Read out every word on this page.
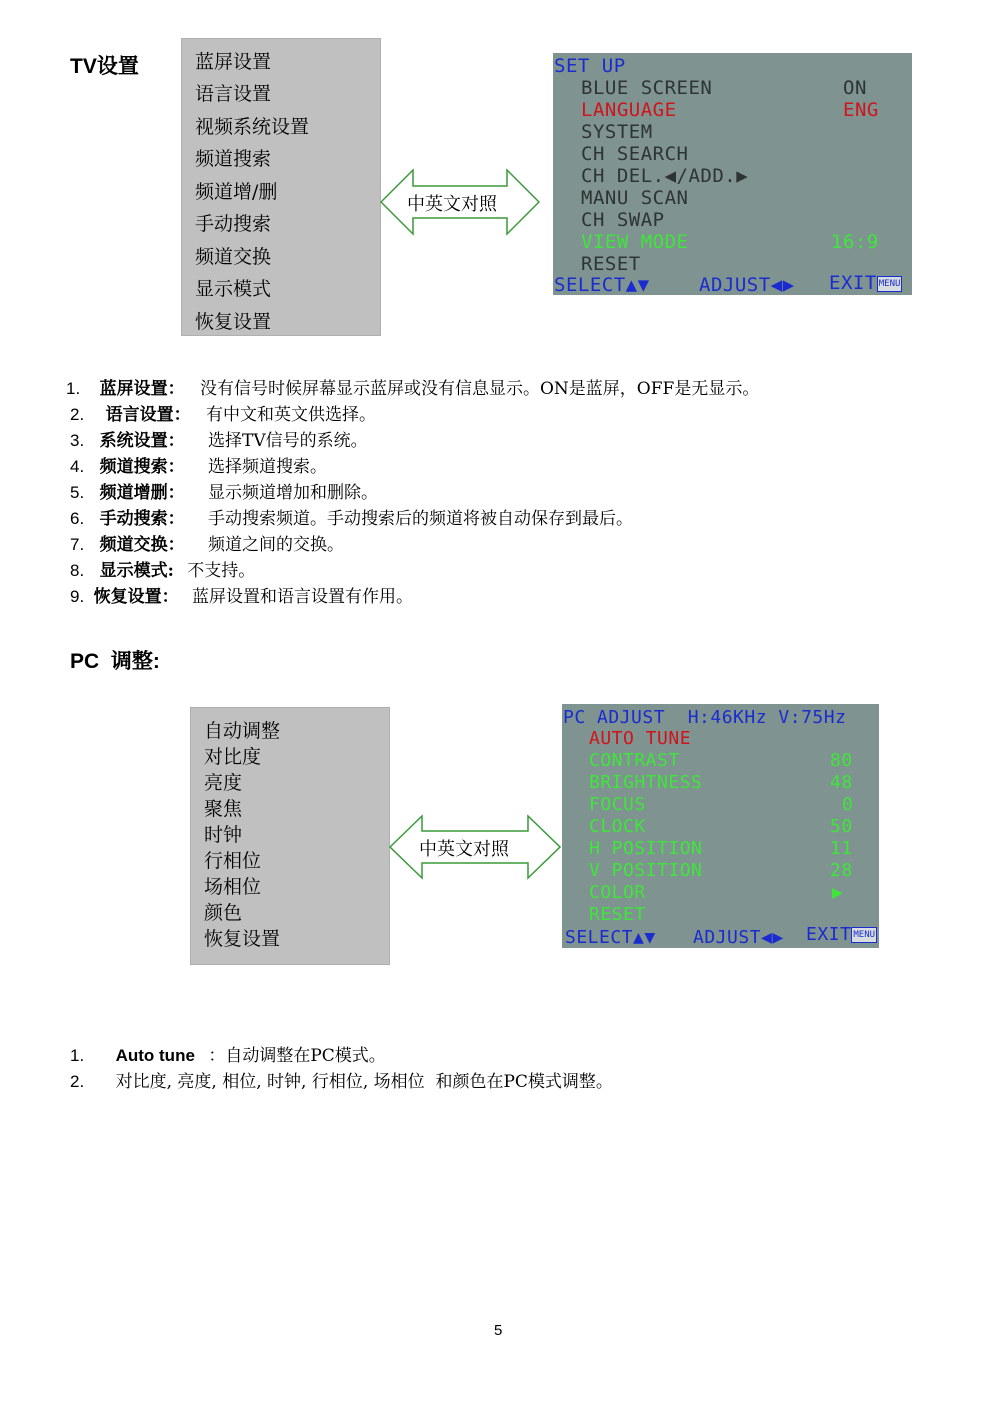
TV设置	蓝屏设置
语言设置
视频系统设置
频道搜索
频道增/删
手动搜索
频道交换
显示模式
恢复设置
中英文对照
SET UP
BLUE SCREEN	ON
LANGUAGE	ENG
SYSTEM
CH SEARCH
CH DEL.◀/ADD.▶
MANU SCAN
CH SWAP
VIEW MODE	16:9
RESET
SELECT▲▼	ADJUST◀▶ EXIT MENU
1. 蓝屏设置： 没有信号时候屏幕显示蓝屏或没有信息显示。ON是蓝屏，OFF是无显示。
2. 语言设置： 有中文和英文供选择。
3. 系统设置： 选择TV信号的系统。
4. 频道搜索： 选择频道搜索。
5. 频道增删： 显示频道增加和删除。
6. 手动搜索： 手动搜索频道。手动搜索后的频道将被自动保存到最后。
7. 频道交换： 频道之间的交换。
8. 显示模式: 不支持。
9. 恢复设置： 蓝屏设置和语言设置有作用。
PC  调整:
自动调整
对比度
亮度
聚焦
时钟
行相位
场相位
颜色
恢复设置
中英文对照
PC ADJUST  H:46KHz V:75Hz
AUTO TUNE
CONTRAST	80
BRIGHTNESS	48
FOCUS	0
CLOCK	50
H POSITION	11
V POSITION	28
COLOR	▶
RESET
SELECT▲▼ ADJUST◀▶ EXIT MENU
1. Auto tune ：自动调整在PC模式。
2. 对比度, 亮度, 相位, 时钟, 行相位, 场相位  和颜色在PC模式调整。
5
